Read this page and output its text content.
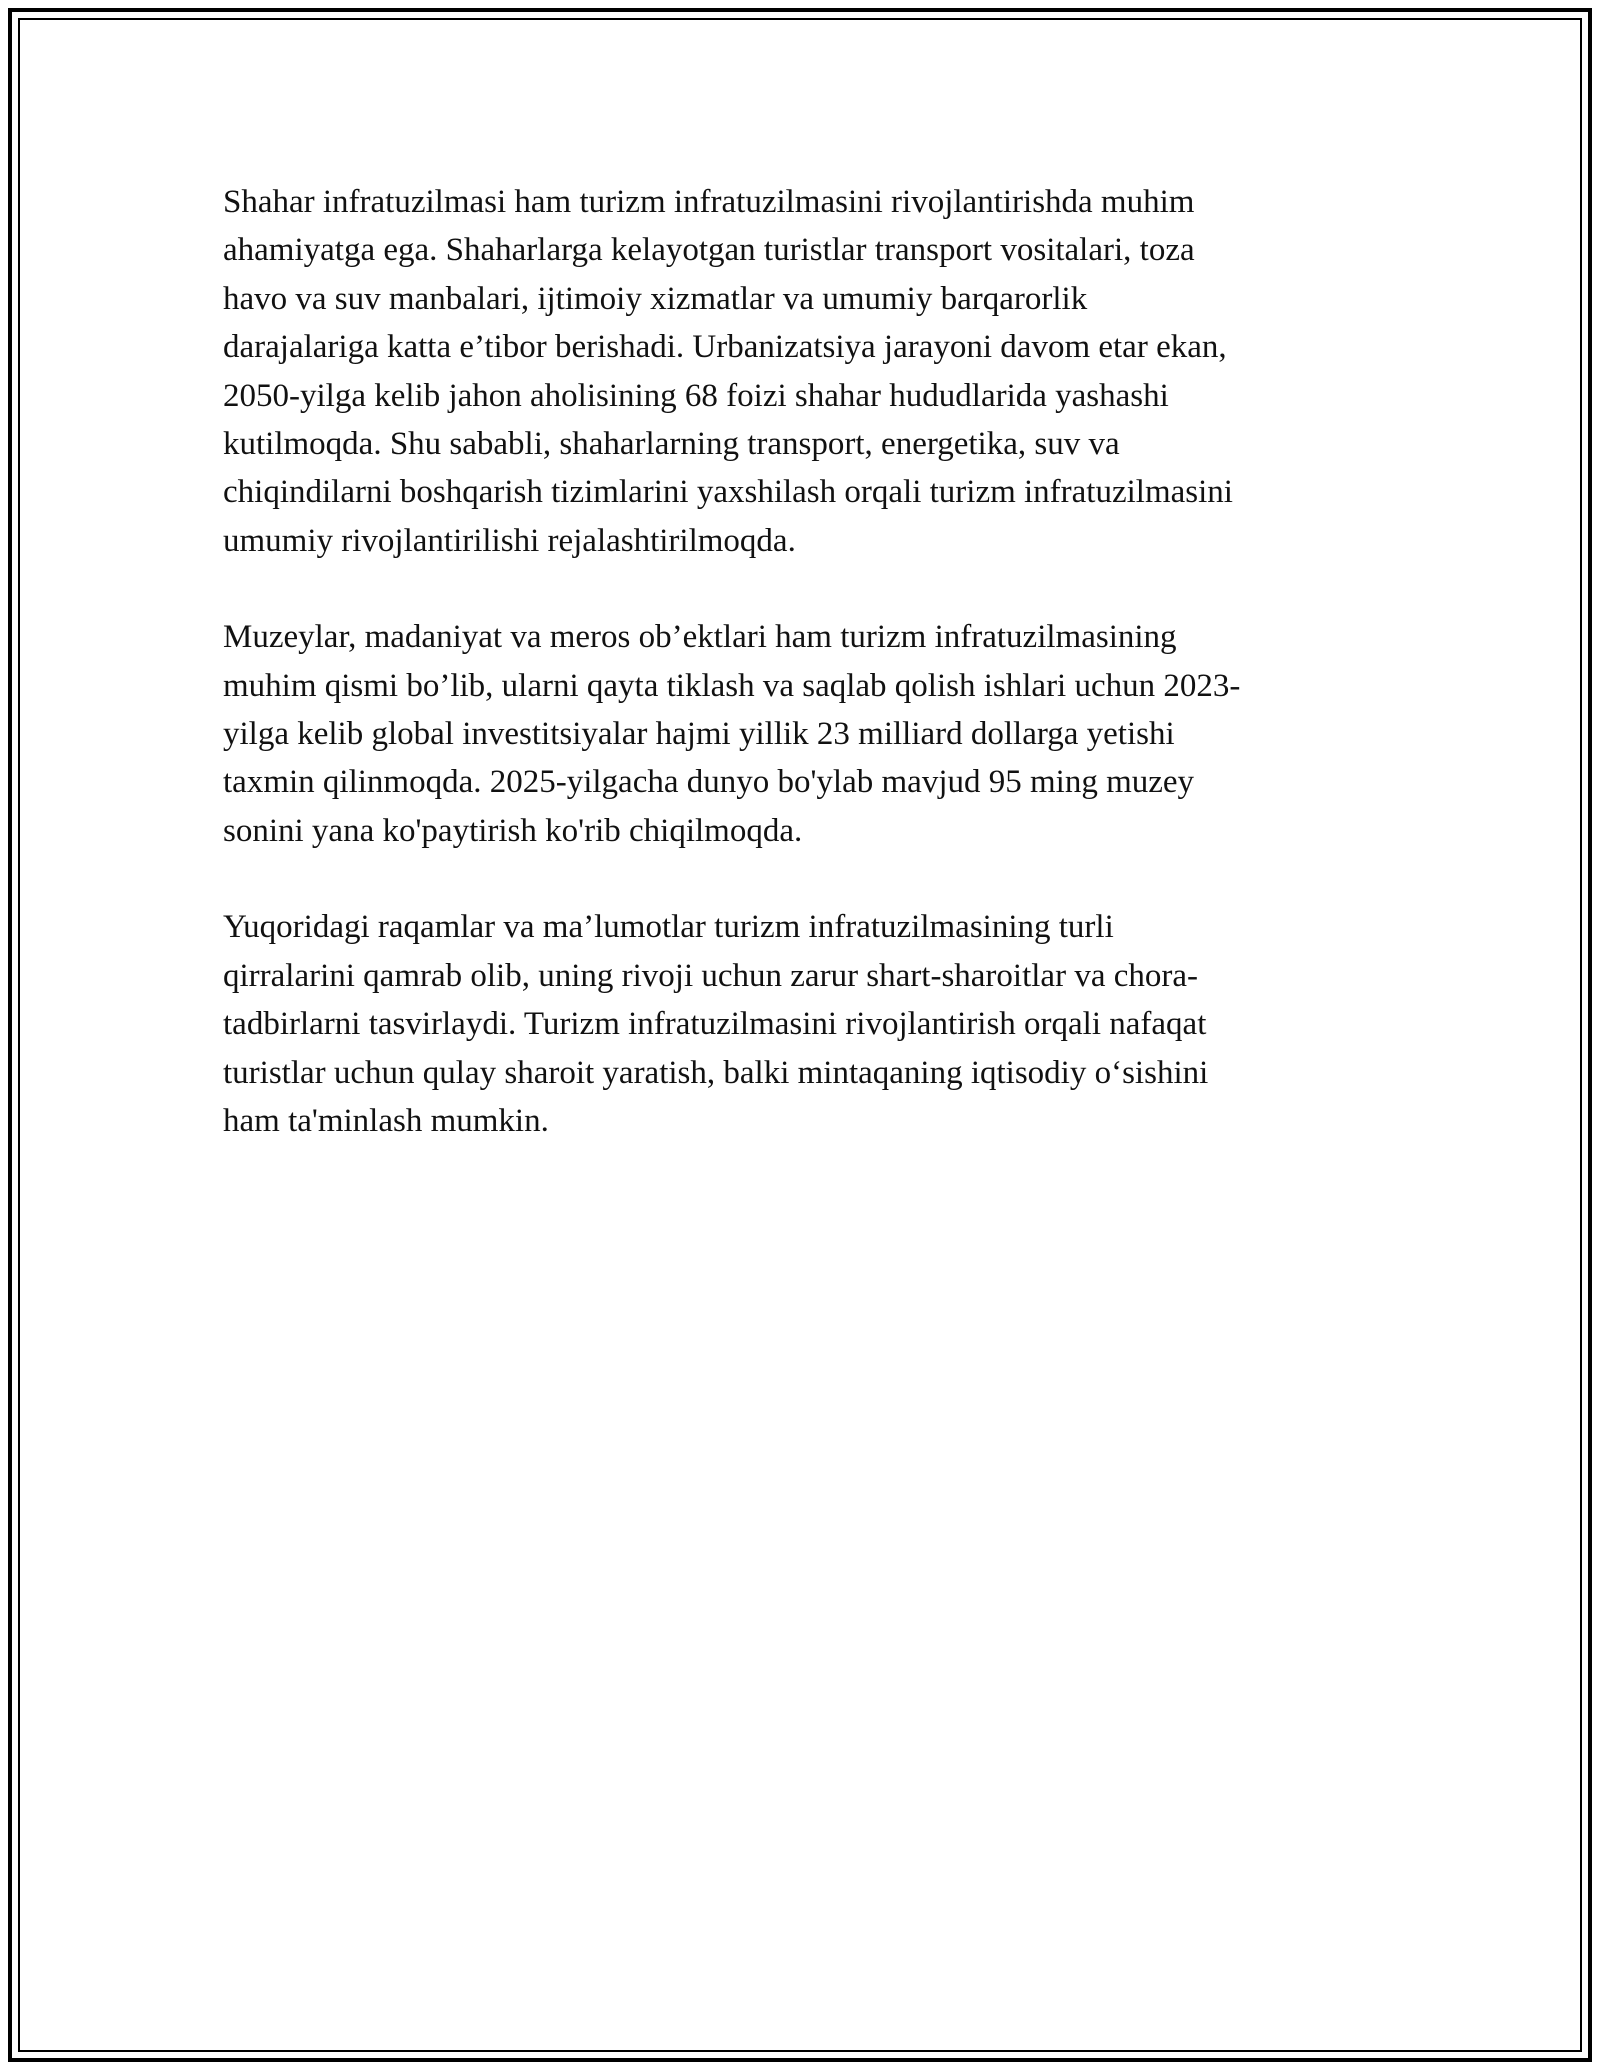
Shahar infratuzilmasi ham turizm infratuzilmasini rivojlantirishda muhim
ahamiyatga ega. Shaharlarga kelayotgan turistlar transport vositalari, toza
havo va suv manbalari, ijtimoiy xizmatlar va umumiy barqarorlik
darajalariga katta e’tibor berishadi. Urbanizatsiya jarayoni davom etar ekan,
2050-yilga kelib jahon aholisining 68 foizi shahar hududlarida yashashi
kutilmoqda. Shu sababli, shaharlarning transport, energetika, suv va
chiqindilarni boshqarish tizimlarini yaxshilash orqali turizm infratuzilmasini
umumiy rivojlantirilishi rejalashtirilmoqda.

Muzeylar, madaniyat va meros ob’ektlari ham turizm infratuzilmasining
muhim qismi bo’lib, ularni qayta tiklash va saqlab qolish ishlari uchun 2023-
yilga kelib global investitsiyalar hajmi yillik 23 milliard dollarga yetishi
taxmin qilinmoqda. 2025-yilgacha dunyo bo'ylab mavjud 95 ming muzey
sonini yana ko'paytirish ko'rib chiqilmoqda.

Yuqoridagi raqamlar va ma’lumotlar turizm infratuzilmasining turli
qirralarini qamrab olib, uning rivoji uchun zarur shart-sharoitlar va chora-
tadbirlarni tasvirlaydi. Turizm infratuzilmasini rivojlantirish orqali nafaqat
turistlar uchun qulay sharoit yaratish, balki mintaqaning iqtisodiy o‘sishini
ham ta'minlash mumkin.
